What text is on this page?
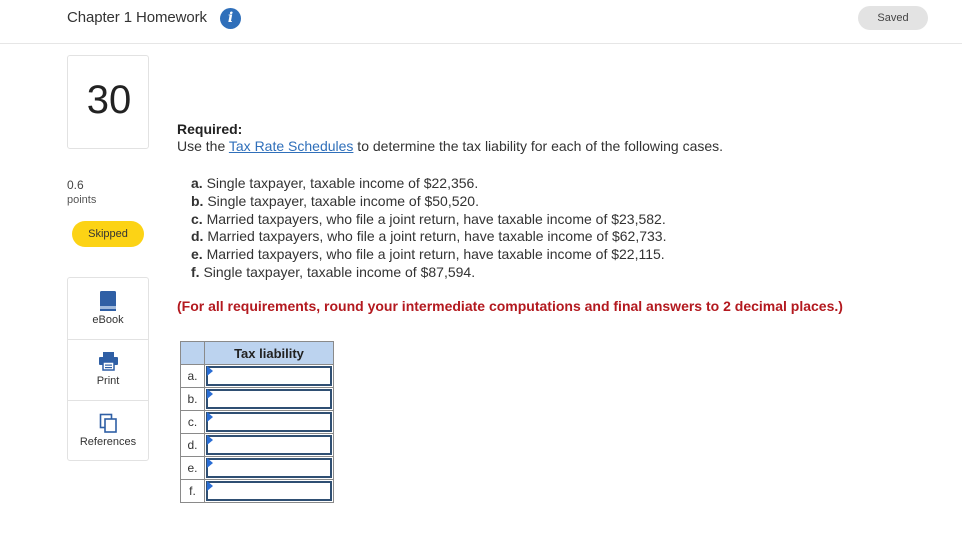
Chapter 1 Homework	i	Saved
30
0.6
points
Skipped
eBook
Print
References
Required:
Use the Tax Rate Schedules to determine the tax liability for each of the following cases.
a. Single taxpayer, taxable income of $22,356.
b. Single taxpayer, taxable income of $50,520.
c. Married taxpayers, who file a joint return, have taxable income of $23,582.
d. Married taxpayers, who file a joint return, have taxable income of $62,733.
e. Married taxpayers, who file a joint return, have taxable income of $22,115.
f. Single taxpayer, taxable income of $87,594.
(For all requirements, round your intermediate computations and final answers to 2 decimal places.)
	Tax liability
a.	

b.	

c.	

d.	

e.	

f.	
